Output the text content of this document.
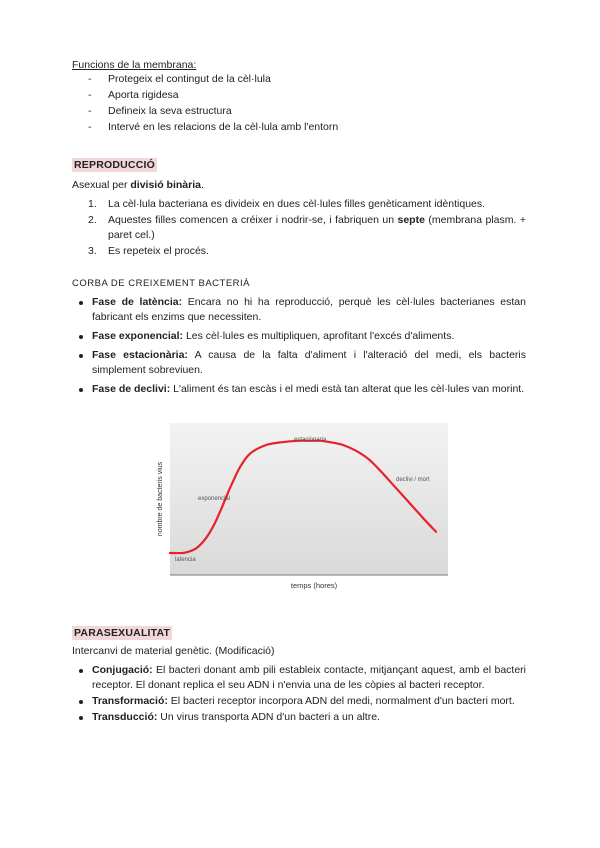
Funcions de la membrana:
- Protegeix el contingut de la cèl·lula
- Aporta rigidesa
- Defineix la seva estructura
- Intervé en les relacions de la cèl·lula amb l'entorn
REPRODUCCIÓ
Asexual per divisió binària.
1. La cèl·lula bacteriana es divideix en dues cèl·lules filles genèticament idèntiques.
2. Aquestes filles comencen a créixer i nodrir-se, i fabriquen un septe (membrana plasm. + paret cel.)
3. Es repeteix el procés.
CORBA DE CREIXEMENT BACTERIÀ
Fase de latència: Encara no hi ha reproducció, perquè les cèl·lules bacterianes estan fabricant els enzims que necessiten.
Fase exponencial: Les cèl·lules es multipliquen, aprofitant l'excés d'aliments.
Fase estacionària: A causa de la falta d'aliment i l'alteració del medi, els bacteris simplement sobreviuen.
Fase de declivi: L'aliment és tan escàs i el medi està tan alterat que les cèl·lules van morint.
latencia
exponencial
estacionaria
declivi / mort
temps (hores)
nombre de bacteris vius
PARASEXUALITAT
Intercanvi de material genètic. (Modificació)
Conjugació: El bacteri donant amb pili estableix contacte, mitjançant aquest, amb el bacteri receptor. El donant replica el seu ADN i n'envia una de les còpies al bacteri receptor.
Transformació: El bacteri receptor incorpora ADN del medi, normalment d'un bacteri mort.
Transducció: Un virus transporta ADN d'un bacteri a un altre.
